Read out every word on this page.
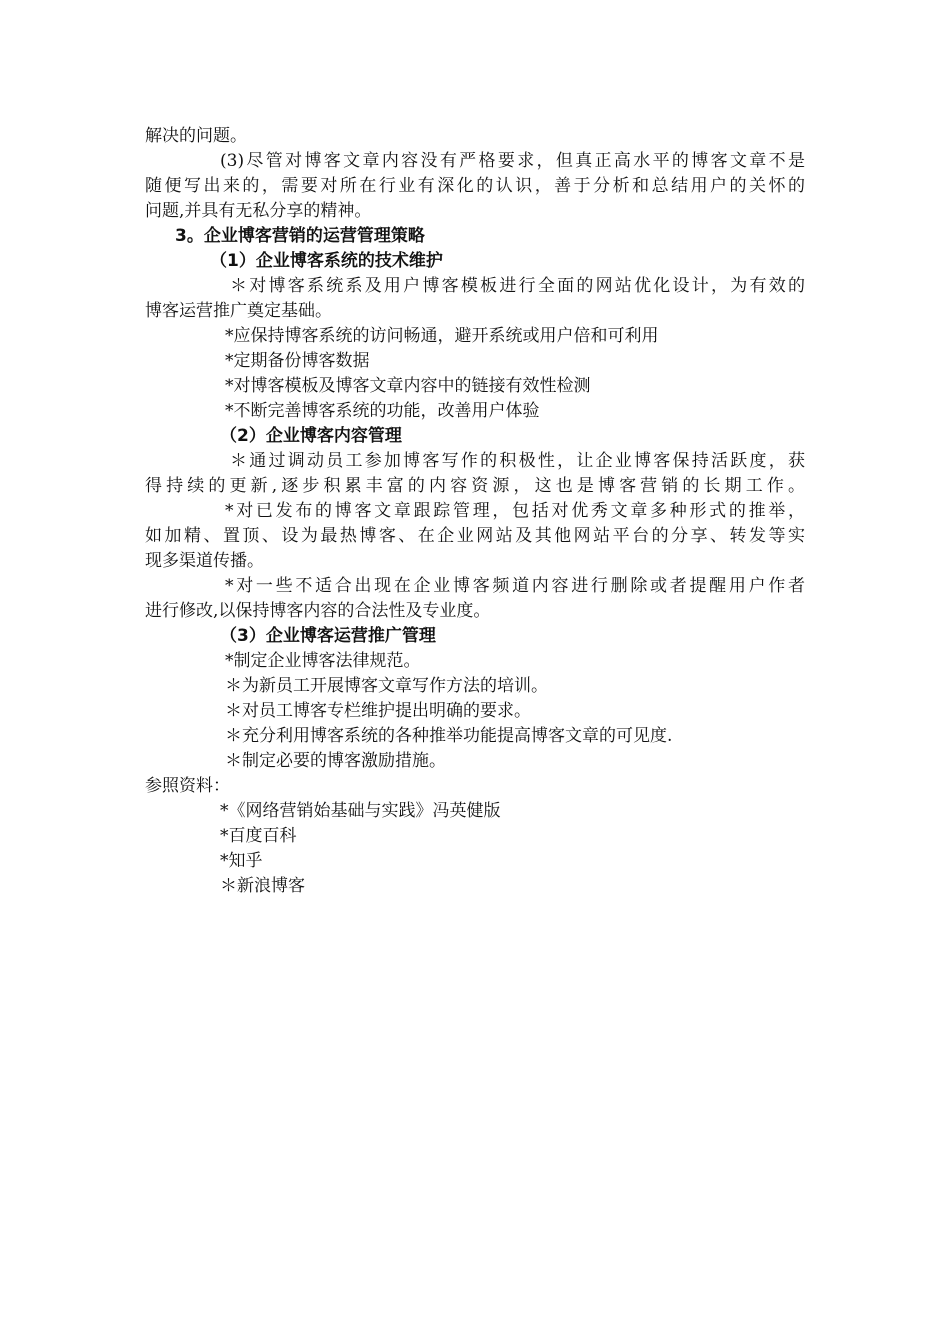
解决的问题。
(3)尽管对博客文章内容没有严格要求，但真正高水平的博客文章不是
随便写出来的，需要对所在行业有深化的认识，善于分析和总结用户的关怀的
问题,并具有无私分享的精神。
3。企业博客营销的运营管理策略
（1）企业博客系统的技术维护
＊对博客系统系及用户博客模板进行全面的网站优化设计，为有效的
博客运营推广奠定基础。
*应保持博客系统的访问畅通，避开系统或用户倍和可利用
*定期备份博客数据
*对博客模板及博客文章内容中的链接有效性检测
*不断完善博客系统的功能，改善用户体验
（2）企业博客内容管理
＊通过调动员工参加博客写作的积极性，让企业博客保持活跃度，获
得持续的更新,逐步积累丰富的内容资源，这也是博客营销的长期工作。
*对已发布的博客文章跟踪管理，包括对优秀文章多种形式的推举，
如加精、置顶、设为最热博客、在企业网站及其他网站平台的分享、转发等实
现多渠道传播。
*对一些不适合出现在企业博客频道内容进行删除或者提醒用户作者
进行修改,以保持博客内容的合法性及专业度。
（3）企业博客运营推广管理
*制定企业博客法律规范。
＊为新员工开展博客文章写作方法的培训。
＊对员工博客专栏维护提出明确的要求。
＊充分利用博客系统的各种推举功能提高博客文章的可见度.
＊制定必要的博客激励措施。
参照资料：
*《网络营销始基础与实践》冯英健版
*百度百科
*知乎
＊新浪博客
